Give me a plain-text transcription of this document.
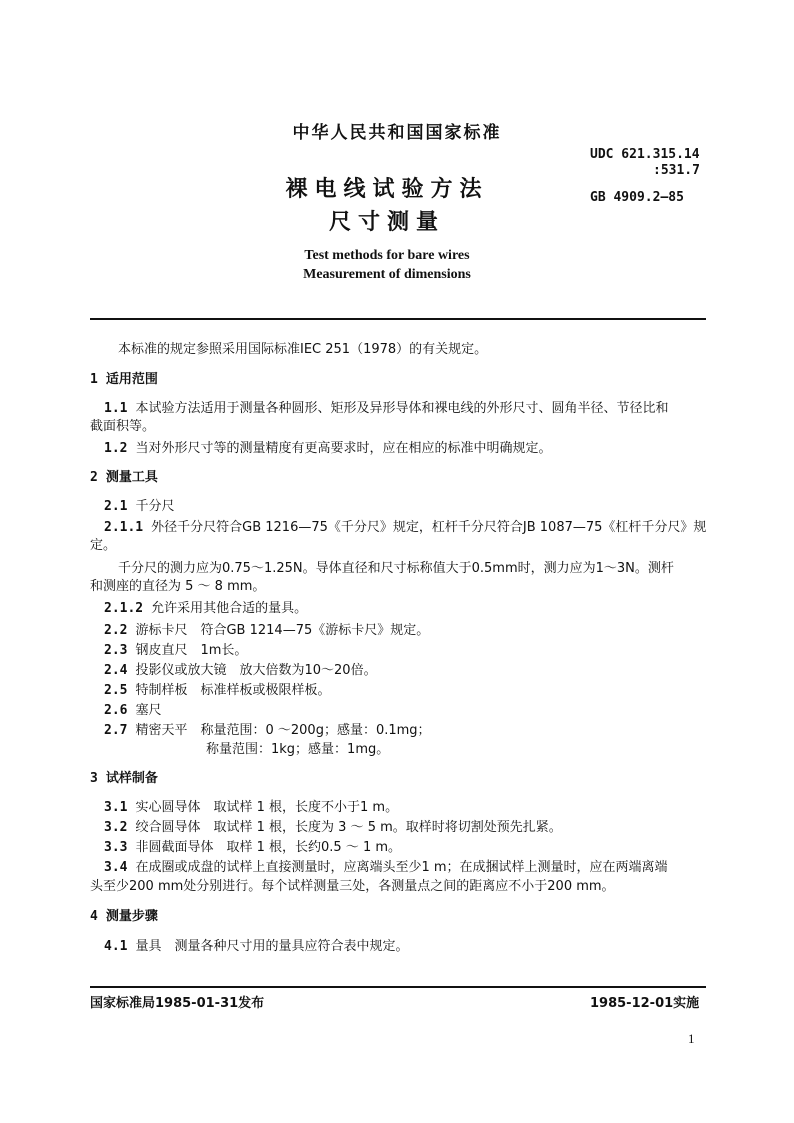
中华人民共和国国家标准
裸电线试验方法
尺寸测量
Test methods for bare wires
Measurement of dimensions
UDC 621.315.14
:531.7
GB 4909.2—85
本标准的规定参照采用国际标准IEC 251（1978）的有关规定。
1 适用范围
1.1 本试验方法适用于测量各种圆形、矩形及异形导体和裸电线的外形尺寸、圆角半径、节径比和
截面积等。
1.2 当对外形尺寸等的测量精度有更高要求时，应在相应的标准中明确规定。
2 测量工具
2.1 千分尺
2.1.1 外径千分尺符合GB 1216—75《千分尺》规定，杠杆千分尺符合JB 1087—75《杠杆千分尺》规
定。
千分尺的测力应为0.75～1.25N。导体直径和尺寸标称值大于0.5mm时，测力应为1～3N。测杆
和测座的直径为 5 ～ 8 mm。
2.1.2 允许采用其他合适的量具。
2.2 游标卡尺　符合GB 1214—75《游标卡尺》规定。
2.3 钢皮直尺　1m长。
2.4 投影仪或放大镜　放大倍数为10～20倍。
2.5 特制样板　标准样板或极限样板。
2.6 塞尺
2.7 精密天平　称量范围：0 ～200g；感量：0.1mg；
称量范围：1kg；感量：1mg。
3 试样制备
3.1 实心圆导体　取试样 1 根，长度不小于1 m。
3.2 绞合圆导体　取试样 1 根，长度为 3 ～ 5 m。取样时将切割处预先扎紧。
3.3 非圆截面导体　取样 1 根，长约0.5 ～ 1 m。
3.4 在成圈或成盘的试样上直接测量时，应离端头至少1 m；在成捆试样上测量时，应在两端离端
头至少200 mm处分别进行。每个试样测量三处，各测量点之间的距离应不小于200 mm。
4 测量步骤
4.1 量具　测量各种尺寸用的量具应符合表中规定。
国家标准局1985-01-31发布	1985-12-01实施
1
